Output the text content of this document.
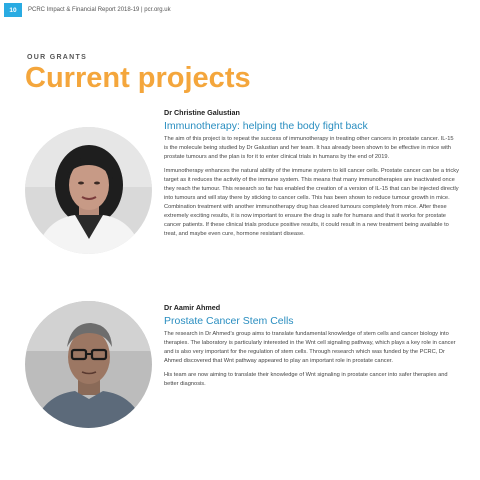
10	PCRC Impact & Financial Report 2018-19 | pcr.org.uk
OUR GRANTS
Current projects

Dr Christine Galustian

Immunotherapy: helping the body fight back

The aim of this project is to repeat the success of immunotherapy in treating other cancers in prostate cancer. IL-15 is the molecule being studied by Dr Galustian and her team. It has already been shown to be effective in mice with prostate tumours and the plan is for it to enter clinical trials in humans by the end of 2019.

Immunotherapy enhances the natural ability of the immune system to kill cancer cells. Prostate cancer can be a tricky target as it reduces the activity of the immune system. This means that many immunotherapies are inactivated once they reach the tumour. This research so far has enabled the creation of a version of IL-15 that can be injected directly into tumours and will stay there by sticking to cancer cells. This has been shown to reduce tumour growth in mice. Combination treatment with another immunotherapy drug has cleared tumours completely from mice. After these extremely exciting results, it is now important to ensure the drug is safe for humans and that it works for prostate cancer patients. If these clinical trials produce positive results, it could result in a new treatment being available to treat, and maybe even cure, hormone resistant disease.

Dr Aamir Ahmed

Prostate Cancer Stem Cells

The research in Dr Ahmed’s group aims to translate fundamental knowledge of stem cells and cancer biology into therapies. The laboratory is particularly interested in the Wnt cell signaling pathway, which plays a key role in cancer and is also very important for the regulation of stem cells. Through research which was funded by the PCRC, Dr Ahmed discovered that Wnt pathway appeared to play an important role in prostate cancer.

His team are now aiming to translate their knowledge of Wnt signaling in prostate cancer into safer therapies and better diagnosis.
